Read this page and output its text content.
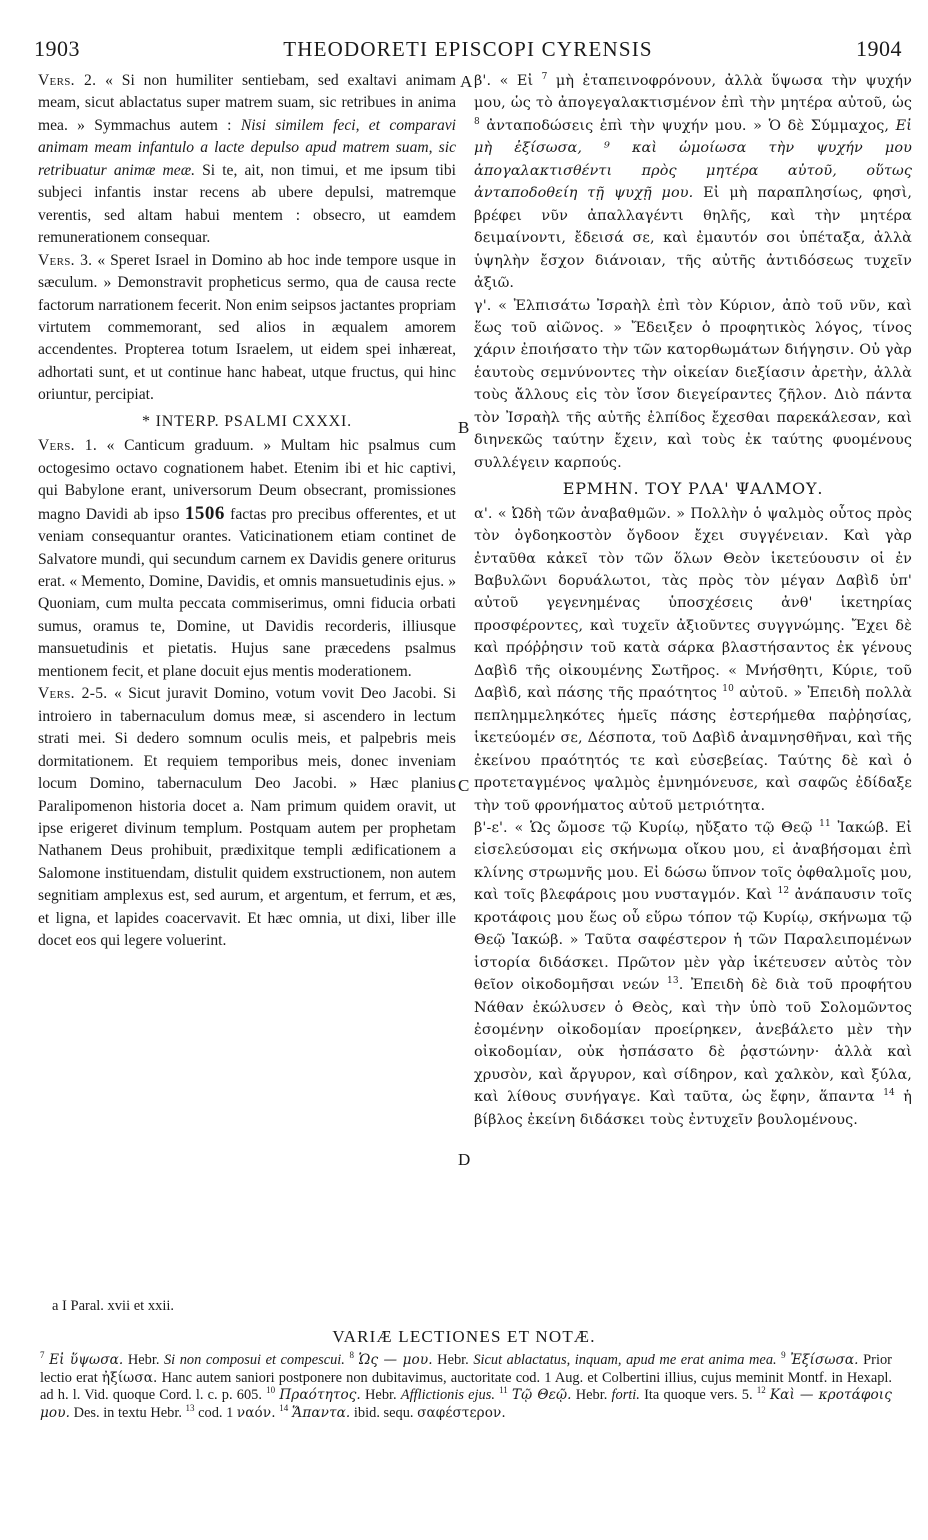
1903	THEODORETI EPISCOPI CYRENSIS	1904
A
B
C
D

Vers. 2. « Si non humiliter sentiebam, sed exaltavi animam meam, sicut ablactatus super matrem suam, sic retribues in anima mea. » Symmachus autem : Nisi similem feci, et comparavi animam meam infantulo a lacte depulso apud matrem suam, sic retribuatur animæ meæ. Si te, ait, non timui, et me ipsum tibi subjeci infantis instar recens ab ubere depulsi, matremque verentis, sed altam habui mentem : obsecro, ut eamdem remunerationem consequar.

Vers. 3. « Speret Israel in Domino ab hoc inde tempore usque in sæculum. » Demonstravit propheticus sermo, qua de causa recte factorum narrationem fecerit. Non enim seipsos jactantes propriam virtutem commemorant, sed alios in æqualem amorem accendentes. Propterea totum Israelem, ut eidem spei inhæreat, adhortati sunt, et ut continue hanc habeat, utque fructus, qui hinc oriuntur, percipiat.

* INTERP. PSALMI CXXXI.

Vers. 1. « Canticum graduum. » Multam hic psalmus cum octogesimo octavo cognationem habet. Etenim ibi et hic captivi, qui Babylone erant, universorum Deum obsecrant, promissiones magno Davidi ab ipso 1506 factas pro precibus offerentes, et ut veniam consequantur orantes. Vaticinationem etiam continet de Salvatore mundi, qui secundum carnem ex Davidis genere oriturus erat. « Memento, Domine, Davidis, et omnis mansuetudinis ejus. » Quoniam, cum multa peccata commiserimus, omni fiducia orbati sumus, oramus te, Domine, ut Davidis recorderis, illiusque mansuetudinis et pietatis. Hujus sane præcedens psalmus mentionem fecit, et plane docuit ejus mentis moderationem.

Vers. 2-5. « Sicut juravit Domino, votum vovit Deo Jacobi. Si introiero in tabernaculum domus meæ, si ascendero in lectum strati mei. Si dedero somnum oculis meis, et palpebris meis dormitationem. Et requiem temporibus meis, donec inveniam locum Domino, tabernaculum Deo Jacobi. » Hæc planius Paralipomenon historia docet a. Nam primum quidem oravit, ut ipse erigeret divinum templum. Postquam autem per prophetam Nathanem Deus prohibuit, prædixitque templi ædificationem a Salomone instituendam, distulit quidem exstructionem, non autem segnitiam amplexus est, sed aurum, et argentum, et ferrum, et æs, et ligna, et lapides coacervavit. Et hæc omnia, ut dixi, liber ille docet eos qui legere voluerint.

β'. « Εἰ $^7$ μὴ ἐταπεινοφρόνουν, ἀλλὰ ὕψωσα τὴν ψυχήν μου, ὡς τὸ ἀπογεγαλακτισμένον ἐπὶ τὴν μητέρα αὐτοῦ, ὡς $^8$ ἀνταποδώσεις ἐπὶ τὴν ψυχήν μου. » Ὁ δὲ Σύμμαχος, Εἰ μὴ ἐξίσωσα, ⁹ καὶ ὡμοίωσα τὴν ψυχήν μου ἀπογαλακτισθέντι πρὸς μητέρα αὐτοῦ, οὕτως ἀνταποδοθείη τῇ ψυχῇ μου. Εἰ μὴ παραπλησίως, φησὶ, βρέφει νῦν ἀπαλλαγέντι θηλῆς, καὶ τὴν μητέρα δειμαίνοντι, ἔδεισά σε, καὶ ἐμαυτόν σοι ὑπέταξα, ἀλλὰ ὑψηλὴν ἔσχον διάνοιαν, τῆς αὐτῆς ἀντιδόσεως τυχεῖν ἀξιῶ.

γ'. « Ἐλπισάτω Ἰσραὴλ ἐπὶ τὸν Κύριον, ἀπὸ τοῦ νῦν, καὶ ἕως τοῦ αἰῶνος. » Ἔδειξεν ὁ προφητικὸς λόγος, τίνος χάριν ἐποιήσατο τὴν τῶν κατορθωμάτων διήγησιν. Οὐ γὰρ ἑαυτοὺς σεμνύνοντες τὴν οἰκείαν διεξίασιν ἀρετὴν, ἀλλὰ τοὺς ἄλλους εἰς τὸν ἴσον διεγείραντες ζῆλον. Διὸ πάντα τὸν Ἰσραὴλ τῆς αὐτῆς ἐλπίδος ἔχεσθαι παρεκάλεσαν, καὶ διηνεκῶς ταύτην ἔχειν, καὶ τοὺς ἐκ ταύτης φυομένους συλλέγειν καρπούς.

ΕΡΜΗΝ. ΤΟΥ ΡΛΑ' ΨΑΛΜΟΥ.

α'. « Ὠδὴ τῶν ἀναβαθμῶν. » Πολλὴν ὁ ψαλμὸς οὗτος πρὸς τὸν ὀγδοηκοστὸν ὄγδοον ἔχει συγγένειαν. Καὶ γὰρ ἐνταῦθα κἀκεῖ τὸν τῶν ὅλων Θεὸν ἱκετεύουσιν οἱ ἐν Βαβυλῶνι δορυάλωτοι, τὰς πρὸς τὸν μέγαν Δαβὶδ ὑπ' αὐτοῦ γεγενημένας ὑποσχέσεις ἀνθ' ἱκετηρίας προσφέροντες, καὶ τυχεῖν ἀξιοῦντες συγγνώμης. Ἔχει δὲ καὶ πρόῤῥησιν τοῦ κατὰ σάρκα βλαστήσαντος ἐκ γένους Δαβὶδ τῆς οἰκουμένης Σωτῆρος. « Μνήσθητι, Κύριε, τοῦ Δαβὶδ, καὶ πάσης τῆς πραότητος $^{10}$ αὐτοῦ. » Ἐπειδὴ πολλὰ πεπλημμεληκότες ἡμεῖς πάσης ἐστερήμεθα παῤῥησίας, ἱκετεύομέν σε, Δέσποτα, τοῦ Δαβὶδ ἀναμνησθῆναι, καὶ τῆς ἐκείνου πραότητός τε καὶ εὐσεβείας. Ταύτης δὲ καὶ ὁ προτεταγμένος ψαλμὸς ἐμνημόνευσε, καὶ σαφῶς ἐδίδαξε τὴν τοῦ φρονήματος αὐτοῦ μετριότητα.

β'-ε'. « Ὡς ὤμοσε τῷ Κυρίῳ, ηὔξατο τῷ Θεῷ $^{11}$ Ἰακώβ. Εἰ εἰσελεύσομαι εἰς σκήνωμα οἴκου μου, εἰ ἀναβήσομαι ἐπὶ κλίνης στρωμνῆς μου. Εἰ δώσω ὕπνον τοῖς ὀφθαλμοῖς μου, καὶ τοῖς βλεφάροις μου νυσταγμόν. Καὶ $^{12}$ ἀνάπαυσιν τοῖς κροτάφοις μου ἕως οὗ εὕρω τόπον τῷ Κυρίῳ, σκήνωμα τῷ Θεῷ Ἰακώβ. » Ταῦτα σαφέστερον ἡ τῶν Παραλειπομένων ἱστορία διδάσκει. Πρῶτον μὲν γὰρ ἱκέτευσεν αὐτὸς τὸν θεῖον οἰκοδομῆσαι νεών $^{13}$. Ἐπειδὴ δὲ διὰ τοῦ προφήτου Νάθαν ἐκώλυσεν ὁ Θεὸς, καὶ τὴν ὑπὸ τοῦ Σολομῶντος ἐσομένην οἰκοδομίαν προείρηκεν, ἀνεβάλετο μὲν τὴν οἰκοδομίαν, οὐκ ἠσπάσατο δὲ ῥᾳστώνην· ἀλλὰ καὶ χρυσὸν, καὶ ἄργυρον, καὶ σίδηρον, καὶ χαλκὸν, καὶ ξύλα, καὶ λίθους συνήγαγε. Καὶ ταῦτα, ὡς ἔφην, ἅπαντα $^{14}$ ἡ βίβλος ἐκείνη διδάσκει τοὺς ἐντυχεῖν βουλομένους.

a I Paral. xvii et xxii.
VARIÆ LECTIONES ET NOTÆ.
$^7$ Εἰ ὕψωσα. Hebr. Si non composui et compescui. $^8$ Ὡς — μου. Hebr. Sicut ablactatus, inquam, apud me erat anima mea. $^9$ Ἐξίσωσα. Prior lectio erat ἠξίωσα. Hanc autem saniori postponere non dubitavimus, auctoritate cod. 1 Aug. et Colbertini illius, cujus meminit Montf. in Hexapl. ad h. l. Vid. quoque Cord. l. c. p. 605. $^{10}$ Πραότητος. Hebr. Afflictionis ejus. $^{11}$ Τῷ Θεῷ. Hebr. forti. Ita quoque vers. 5. $^{12}$ Καὶ — κροτάφοις μου. Des. in textu Hebr. $^{13}$ cod. 1 ναόν. $^{14}$ Ἅπαντα. ibid. sequ. σαφέστερον.
